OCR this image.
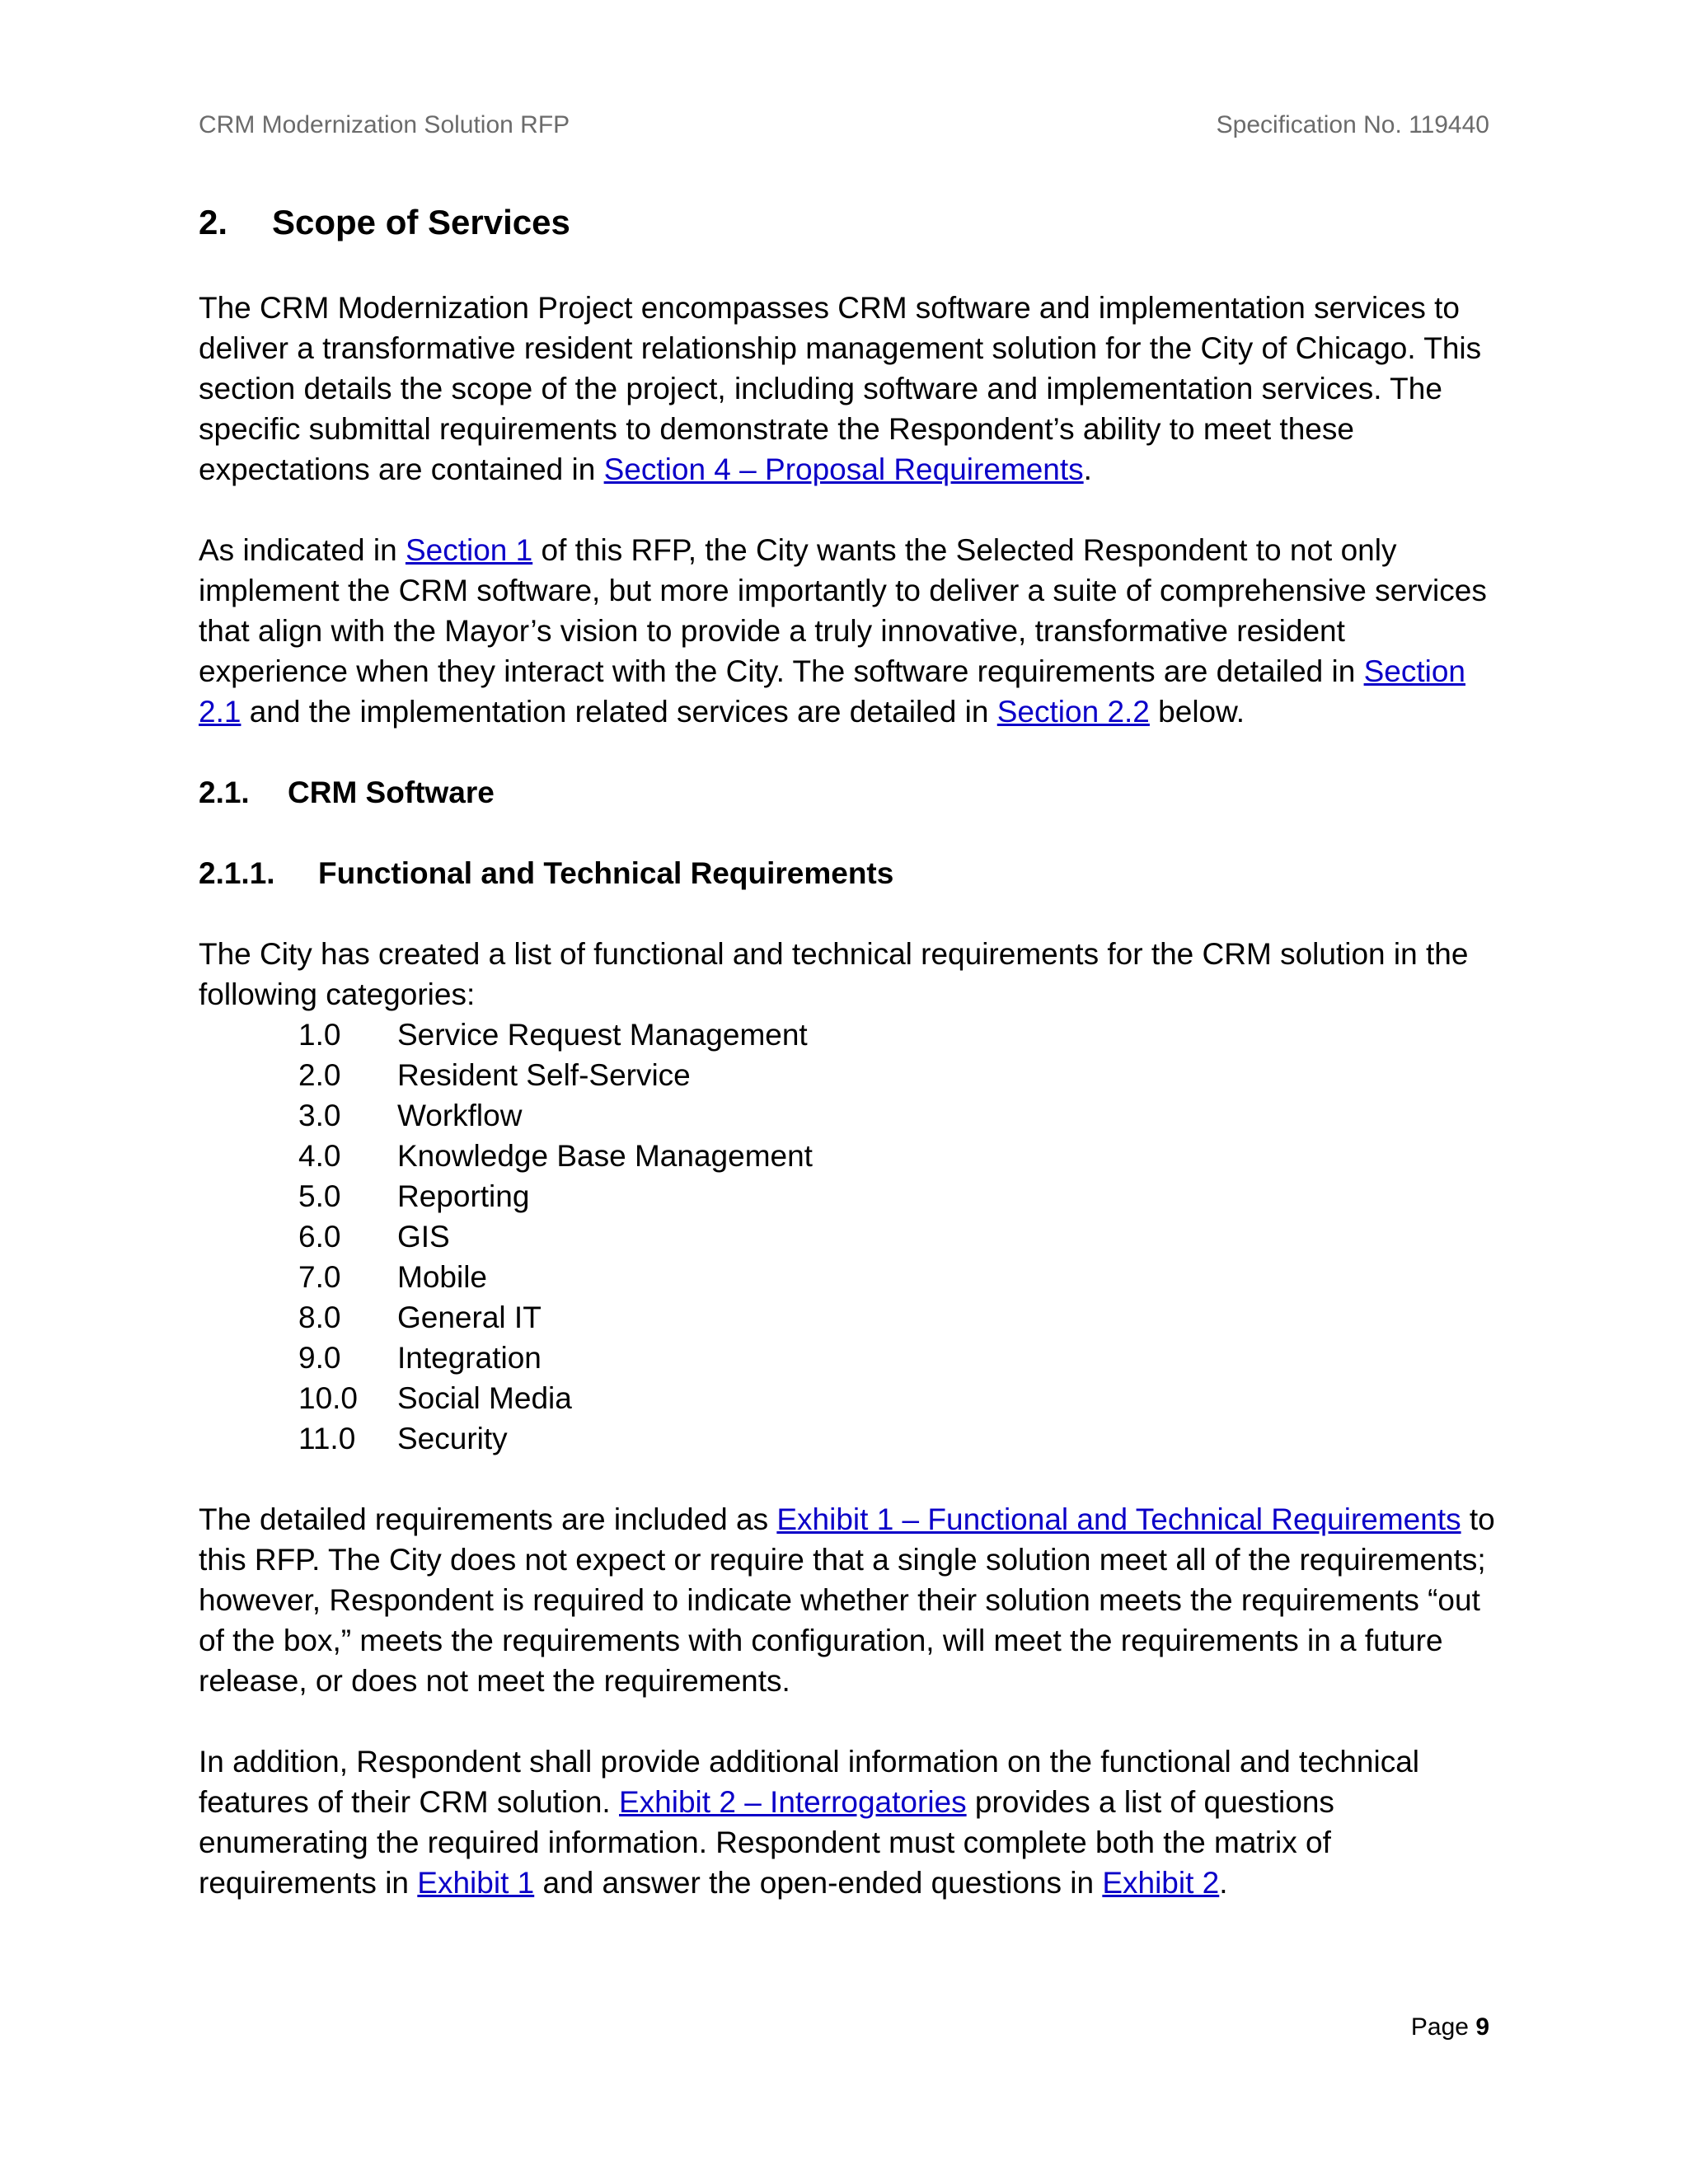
CRM Modernization Solution RFP	Specification No. 119440
2. Scope of Services

The CRM Modernization Project encompasses CRM software and implementation services to deliver a transformative resident relationship management solution for the City of Chicago. This section details the scope of the project, including software and implementation services. The specific submittal requirements to demonstrate the Respondent’s ability to meet these expectations are contained in Section 4 – Proposal Requirements.

As indicated in Section 1 of this RFP, the City wants the Selected Respondent to not only implement the CRM software, but more importantly to deliver a suite of comprehensive services that align with the Mayor’s vision to provide a truly innovative, transformative resident experience when they interact with the City. The software requirements are detailed in Section 2.1 and the implementation related services are detailed in Section 2.2 below.

2.1. CRM Software
2.1.1. Functional and Technical Requirements

The City has created a list of functional and technical requirements for the CRM solution in the following categories:

1.0	Service Request Management
2.0	Resident Self-Service
3.0	Workflow
4.0	Knowledge Base Management
5.0	Reporting
6.0	GIS
7.0	Mobile
8.0	General IT
9.0	Integration
10.0	Social Media
11.0	Security

The detailed requirements are included as Exhibit 1 – Functional and Technical Requirements to this RFP. The City does not expect or require that a single solution meet all of the requirements; however, Respondent is required to indicate whether their solution meets the requirements “out of the box,” meets the requirements with configuration, will meet the requirements in a future release, or does not meet the requirements.

In addition, Respondent shall provide additional information on the functional and technical features of their CRM solution. Exhibit 2 – Interrogatories provides a list of questions enumerating the required information. Respondent must complete both the matrix of requirements in Exhibit 1 and answer the open-ended questions in Exhibit 2.

Page 9
